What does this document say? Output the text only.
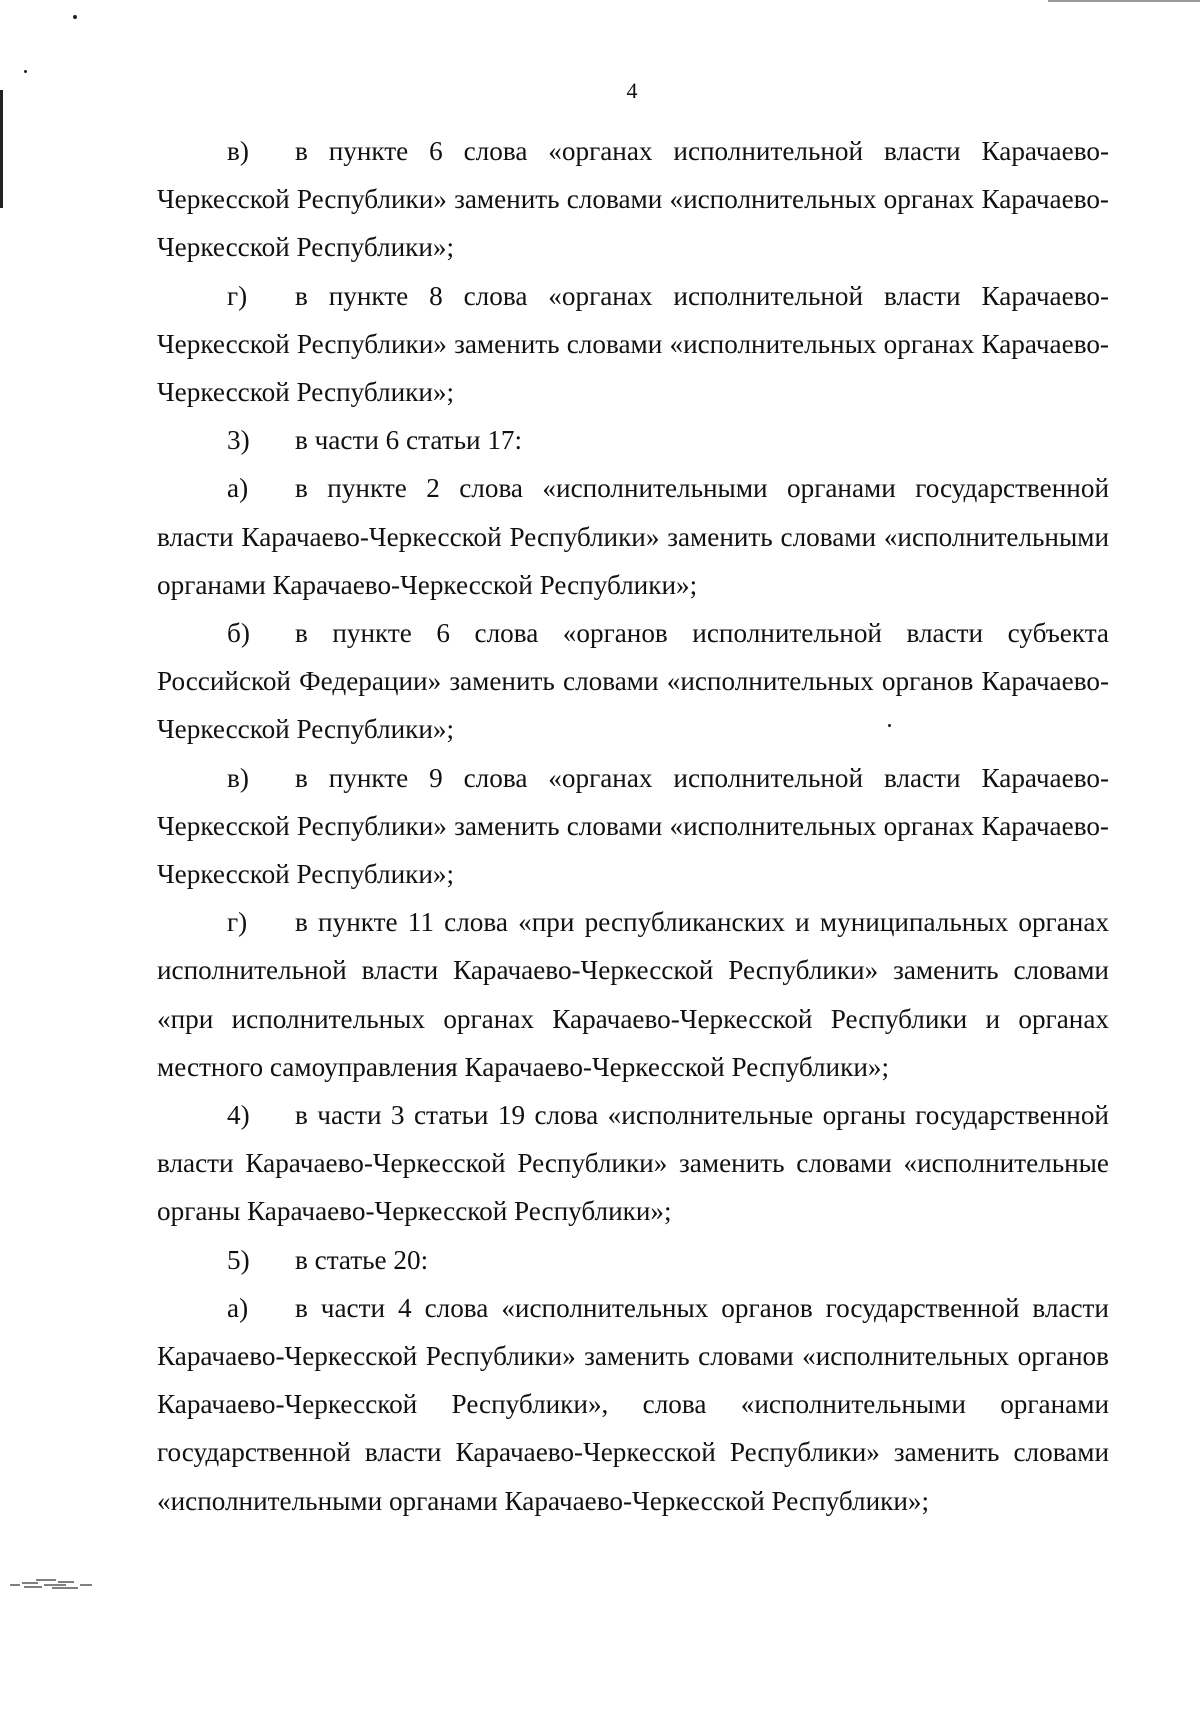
4

в) в пункте 6 слова «органах исполнительной власти Карачаево-Черкесской Республики» заменить словами «исполнительных органах Карачаево-Черкесской Республики»;

г) в пункте 8 слова «органах исполнительной власти Карачаево-Черкесской Республики» заменить словами «исполнительных органах Карачаево-Черкесской Республики»;

3) в части 6 статьи 17:

а) в пункте 2 слова «исполнительными органами государственной власти Карачаево-Черкесской Республики» заменить словами «исполнительными органами Карачаево-Черкесской Республики»;

б) в пункте 6 слова «органов исполнительной власти субъекта Российской Федерации» заменить словами «исполнительных органов Карачаево-Черкесской Республики»;

в) в пункте 9 слова «органах исполнительной власти Карачаево-Черкесской Республики» заменить словами «исполнительных органах Карачаево-Черкесской Республики»;

г) в пункте 11 слова «при республиканских и муниципальных органах исполнительной власти Карачаево-Черкесской Республики» заменить словами «при исполнительных органах Карачаево-Черкесской Республики и органах местного самоуправления Карачаево-Черкесской Республики»;

4) в части 3 статьи 19 слова «исполнительные органы государственной власти Карачаево-Черкесской Республики» заменить словами «исполнительные органы Карачаево-Черкесской Республики»;

5) в статье 20:

а) в части 4 слова «исполнительных органов государственной власти Карачаево-Черкесской Республики» заменить словами «исполнительных органов Карачаево-Черкесской Республики», слова «исполнительными органами государственной власти Карачаево-Черкесской Республики» заменить словами «исполнительными органами Карачаево-Черкесской Республики»;
